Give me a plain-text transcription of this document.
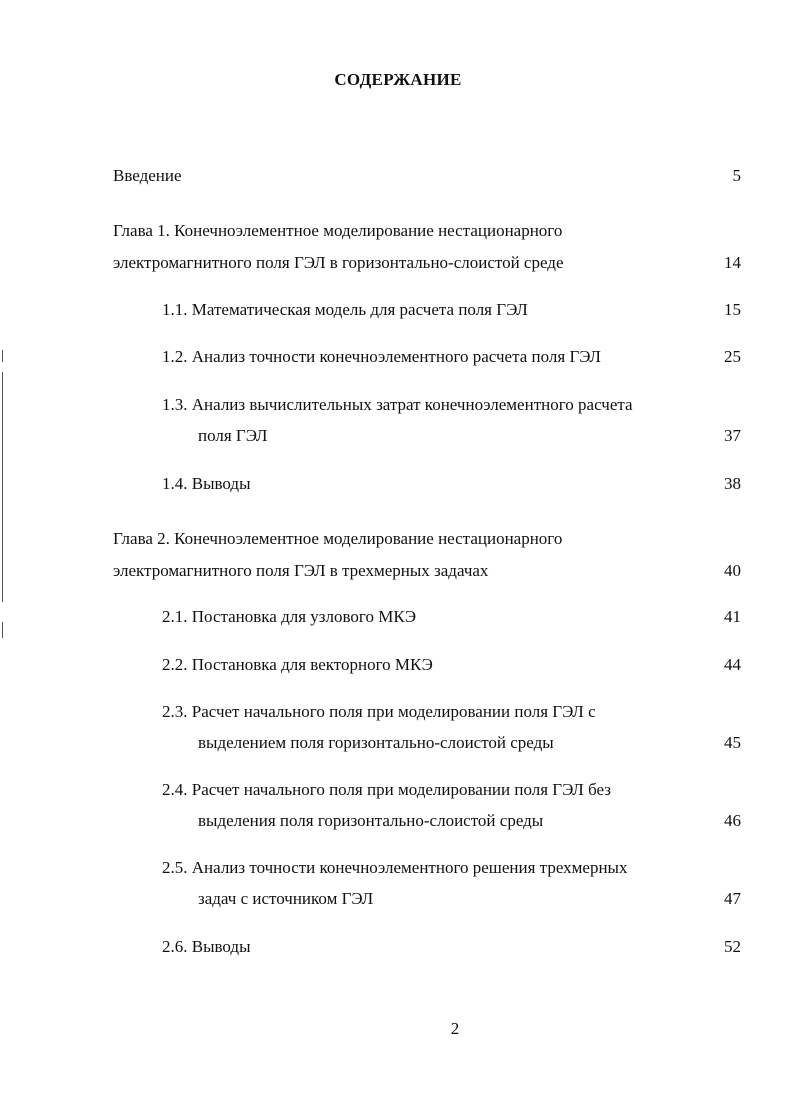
СОДЕРЖАНИЕ
Введение	5
Глава 1. Конечноэлементное моделирование нестационарного
электромагнитного поля ГЭЛ в горизонтально-слоистой среде	14
1.1. Математическая модель для расчета поля ГЭЛ	15
1.2. Анализ точности конечноэлементного расчета поля ГЭЛ	25
1.3. Анализ вычислительных затрат конечноэлементного расчета
поля ГЭЛ	37
1.4. Выводы	38
Глава 2. Конечноэлементное моделирование нестационарного
электромагнитного поля ГЭЛ в трехмерных задачах	40
2.1. Постановка для узлового МКЭ	41
2.2. Постановка для векторного МКЭ	44
2.3. Расчет начального поля при моделировании поля ГЭЛ с
выделением поля горизонтально-слоистой среды	45
2.4. Расчет начального поля при моделировании поля ГЭЛ без
выделения поля горизонтально-слоистой среды	46
2.5. Анализ точности конечноэлементного решения трехмерных
задач с источником ГЭЛ	47
2.6. Выводы	52
2
